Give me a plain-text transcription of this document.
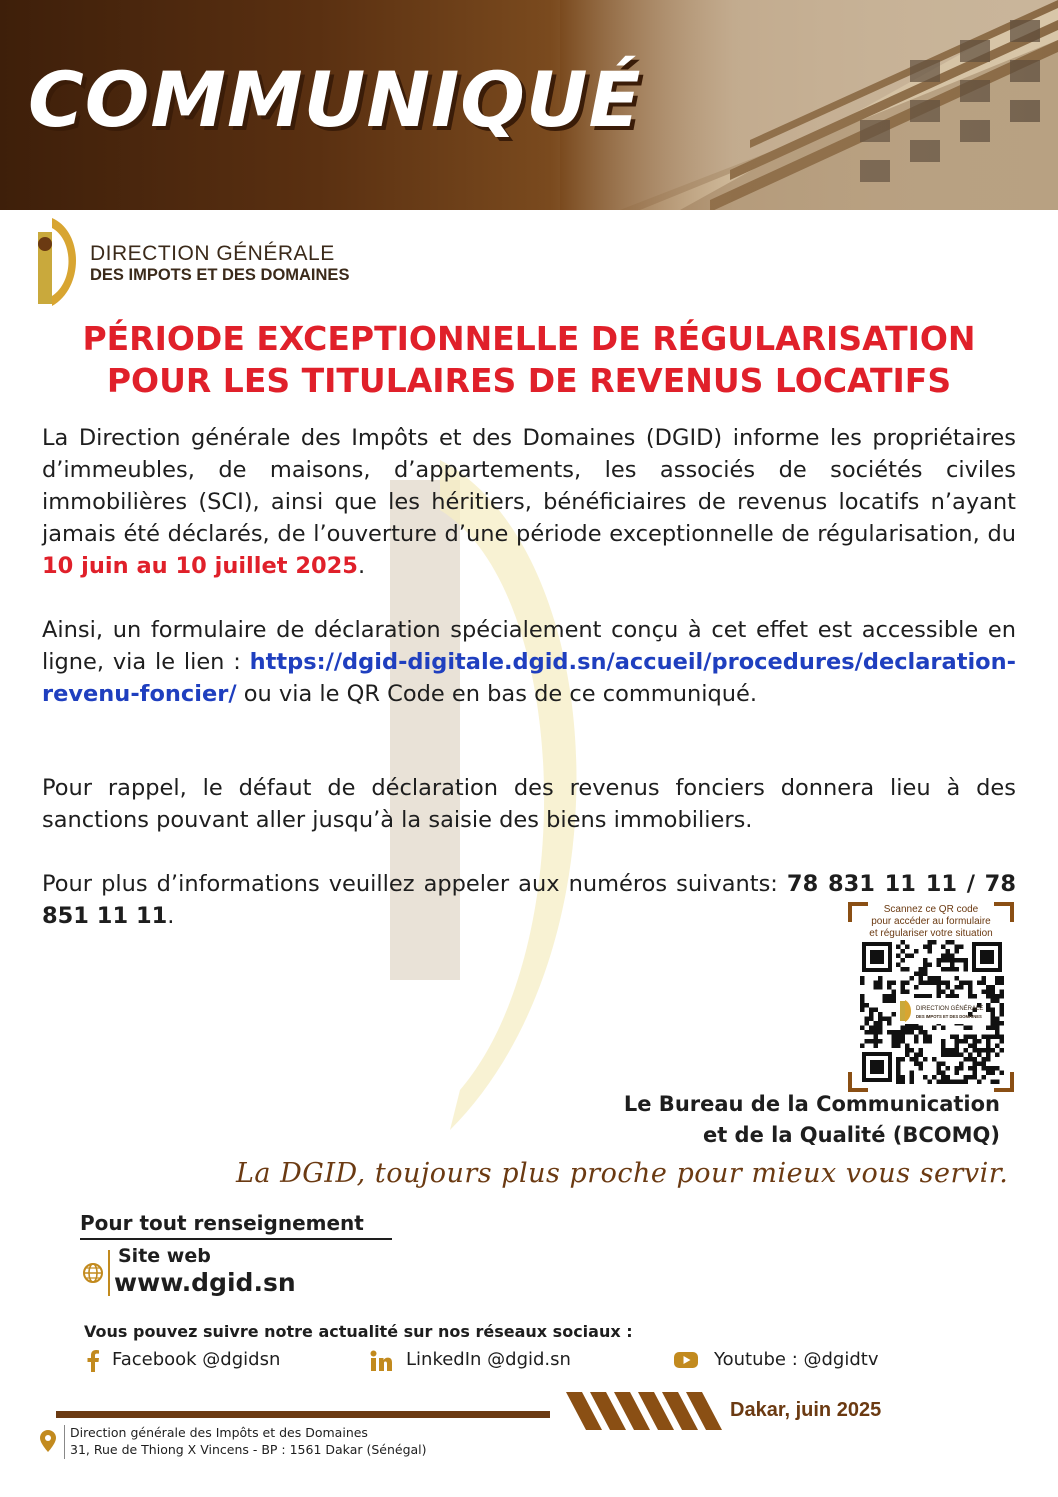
COMMUNIQUÉ
DIRECTION GÉNÉRALE
DES IMPOTS ET DES DOMAINES
PÉRIODE EXCEPTIONNELLE DE RÉGULARISATION
POUR LES TITULAIRES DE REVENUS LOCATIFS

La Direction générale des Impôts et des Domaines (DGID) informe les propriétaires d’immeubles, de maisons, d’appartements, les associés de sociétés civiles immobilières (SCI), ainsi que les héritiers, bénéficiaires de revenus locatifs n’ayant jamais été déclarés, de l’ouverture d’une période exceptionnelle de régularisation, du 10 juin au 10 juillet 2025.

Ainsi, un formulaire de déclaration spécialement conçu à cet effet est accessible en ligne, via le lien : https://dgid-digitale.dgid.sn/accueil/procedures/declaration-revenu-foncier/ ou via le QR Code en bas de ce communiqué.

Pour rappel, le défaut de déclaration des revenus fonciers donnera lieu à des sanctions pouvant aller jusqu’à la saisie des biens immobiliers.

Pour plus d’informations veuillez appeler aux numéros suivants: 78 831 11 11 / 78 851 11 11.	Scannez ce QR code
pour accéder au formulaire
et régulariser votre situation
DIRECTION GÉNÉRALE
DES IMPOTS ET DES DOMAINES
Le Bureau de la Communication
et de la Qualité (BCOMQ)
La DGID, toujours plus proche pour mieux vous servir.
Pour tout renseignement
Site web
www.dgid.sn
Vous pouvez suivre notre actualité sur nos réseaux sociaux :
Facebook @dgidsn	LinkedIn @dgid.sn	Youtube : @dgidtv
Dakar, juin 2025
Direction générale des Impôts et des Domaines
31, Rue de Thiong X Vincens - BP : 1561 Dakar (Sénégal)
